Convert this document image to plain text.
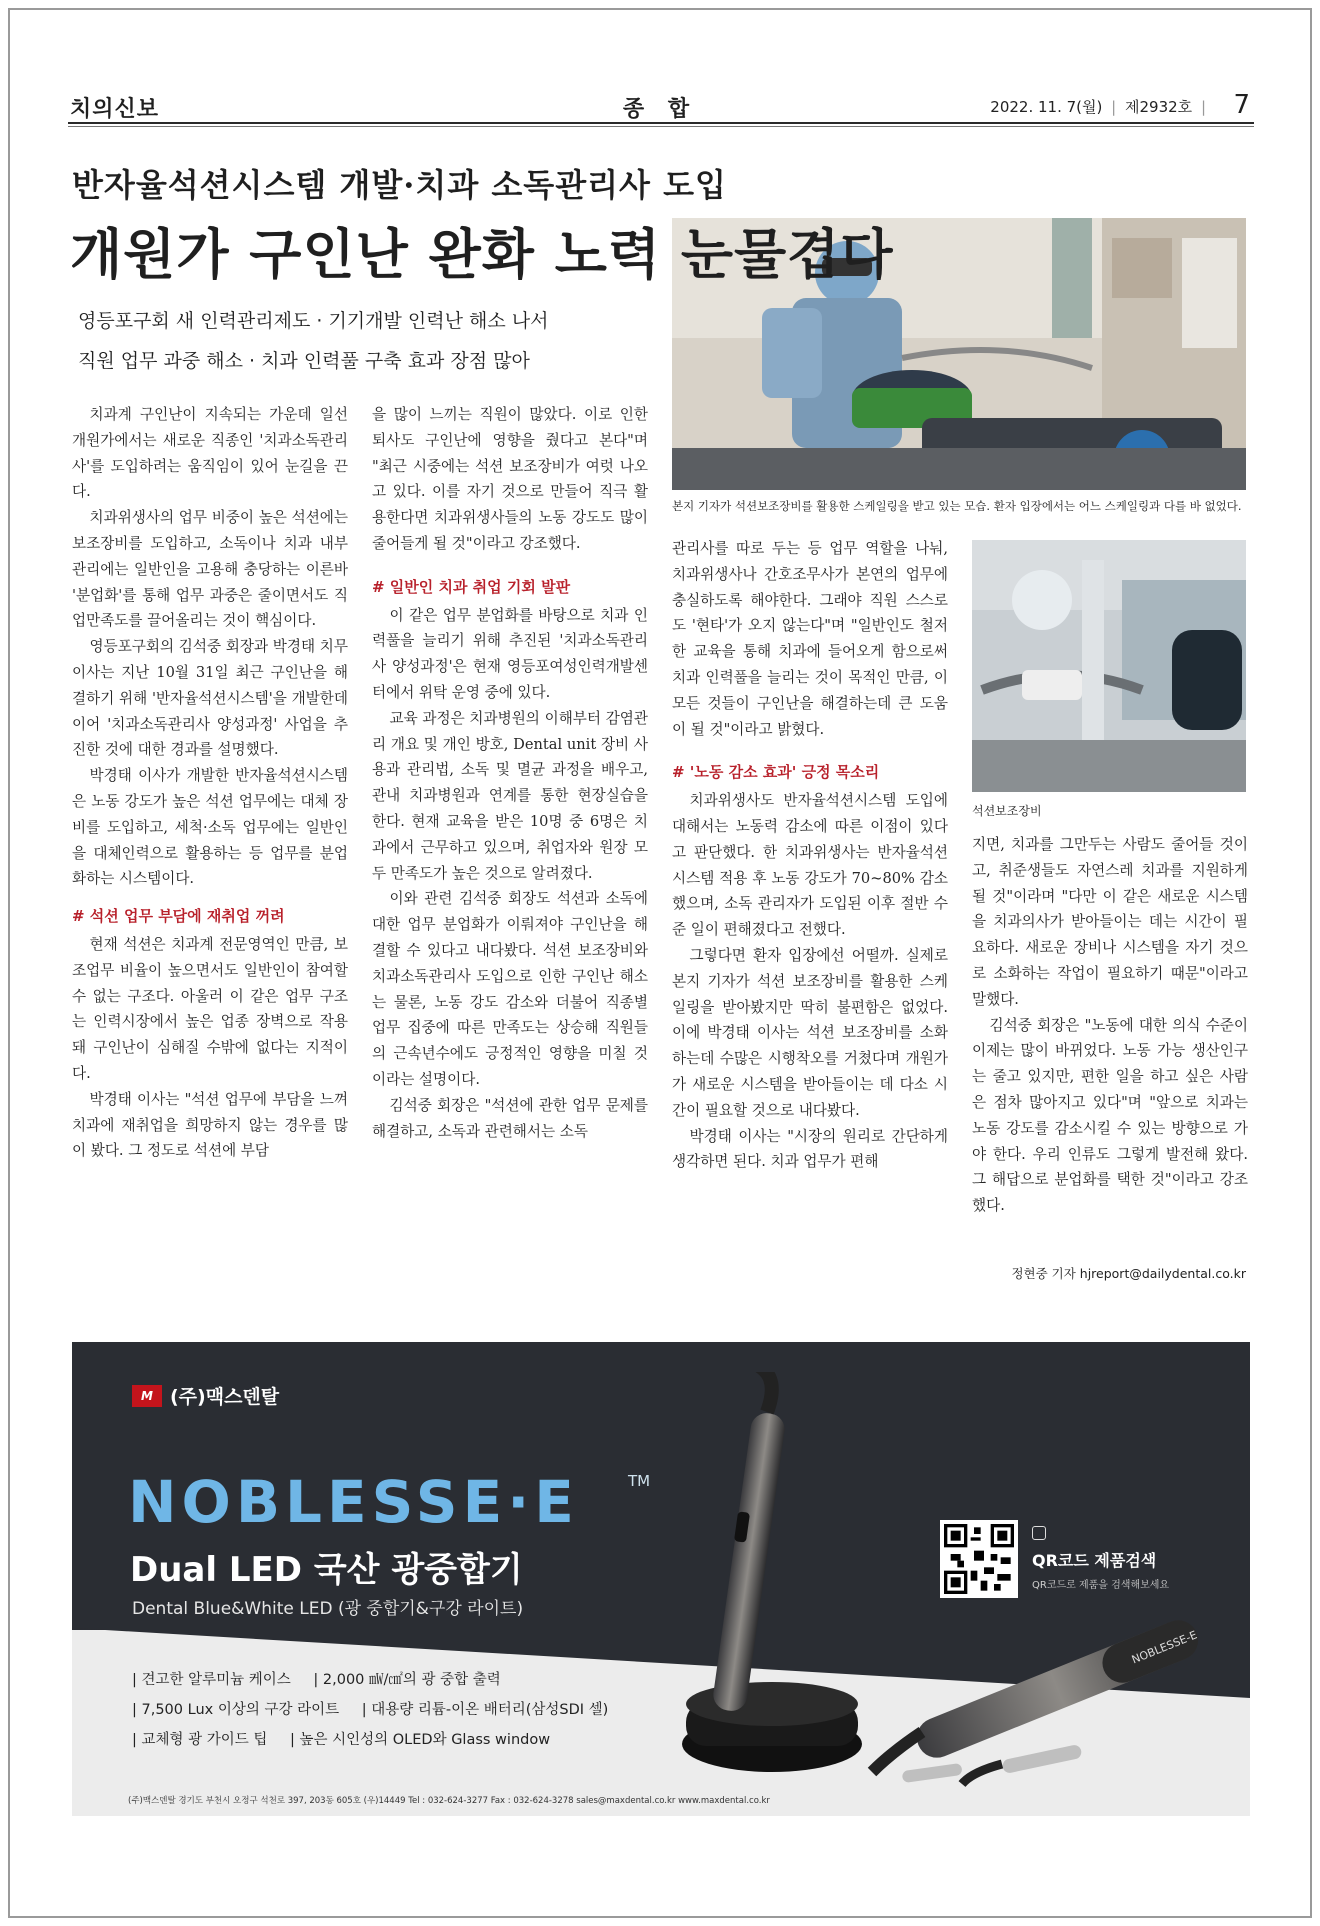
치의신보	종 합	2022. 11. 7(월) | 제2932호 | 7
반자율석션시스템 개발·치과 소독관리사 도입
개원가 구인난 완화 노력 눈물겹다
영등포구회 새 인력관리제도 · 기기개발 인력난 해소 나서
직원 업무 과중 해소 · 치과 인력풀 구축 효과 장점 많아
본지 기자가 석션보조장비를 활용한 스케일링을 받고 있는 모습. 환자 입장에서는 어느 스케일링과 다를 바 없었다.
석션보조장비

치과계 구인난이 지속되는 가운데 일선 개원가에서는 새로운 직종인 '치과소독관리사'를 도입하려는 움직임이 있어 눈길을 끈다.

치과위생사의 업무 비중이 높은 석션에는 보조장비를 도입하고, 소독이나 치과 내부 관리에는 일반인을 고용해 충당하는 이른바 '분업화'를 통해 업무 과중은 줄이면서도 직업만족도를 끌어올리는 것이 핵심이다.

영등포구회의 김석중 회장과 박경태 치무이사는 지난 10월 31일 최근 구인난을 해결하기 위해 '반자율석션시스템'을 개발한데 이어 '치과소독관리사 양성과정' 사업을 추진한 것에 대한 경과를 설명했다.

박경태 이사가 개발한 반자율석션시스템은 노동 강도가 높은 석션 업무에는 대체 장비를 도입하고, 세척·소독 업무에는 일반인을 대체인력으로 활용하는 등 업무를 분업화하는 시스템이다.

# 석션 업무 부담에 재취업 꺼려

현재 석션은 치과계 전문영역인 만큼, 보조업무 비율이 높으면서도 일반인이 참여할 수 없는 구조다. 아울러 이 같은 업무 구조는 인력시장에서 높은 업종 장벽으로 작용돼 구인난이 심해질 수밖에 없다는 지적이다.

박경태 이사는 "석션 업무에 부담을 느껴 치과에 재취업을 희망하지 않는 경우를 많이 봤다. 그 정도로 석션에 부담

을 많이 느끼는 직원이 많았다. 이로 인한 퇴사도 구인난에 영향을 줬다고 본다"며 "최근 시중에는 석션 보조장비가 여럿 나오고 있다. 이를 자기 것으로 만들어 직극 활용한다면 치과위생사들의 노동 강도도 많이 줄어들게 될 것"이라고 강조했다.

# 일반인 치과 취업 기회 발판

이 같은 업무 분업화를 바탕으로 치과 인력풀을 늘리기 위해 추진된 '치과소독관리사 양성과정'은 현재 영등포여성인력개발센터에서 위탁 운영 중에 있다.

교육 과정은 치과병원의 이해부터 감염관리 개요 및 개인 방호, Dental unit 장비 사용과 관리법, 소독 및 멸균 과정을 배우고, 관내 치과병원과 연계를 통한 현장실습을 한다. 현재 교육을 받은 10명 중 6명은 치과에서 근무하고 있으며, 취업자와 원장 모두 만족도가 높은 것으로 알려졌다.

이와 관련 김석중 회장도 석션과 소독에 대한 업무 분업화가 이뤄져야 구인난을 해결할 수 있다고 내다봤다. 석션 보조장비와 치과소독관리사 도입으로 인한 구인난 해소는 물론, 노동 강도 감소와 더불어 직종별 업무 집중에 따른 만족도는 상승해 직원들의 근속년수에도 긍정적인 영향을 미칠 것이라는 설명이다.

김석중 회장은 "석션에 관한 업무 문제를 해결하고, 소독과 관련해서는 소독

관리사를 따로 두는 등 업무 역할을 나눠, 치과위생사나 간호조무사가 본연의 업무에 충실하도록 해야한다. 그래야 직원 스스로도 '현타'가 오지 않는다"며 "일반인도 철저한 교육을 통해 치과에 들어오게 함으로써 치과 인력풀을 늘리는 것이 목적인 만큼, 이 모든 것들이 구인난을 해결하는데 큰 도움이 될 것"이라고 밝혔다.

# '노동 감소 효과' 긍정 목소리

치과위생사도 반자율석션시스템 도입에 대해서는 노동력 감소에 따른 이점이 있다고 판단했다. 한 치과위생사는 반자율석션시스템 적용 후 노동 강도가 70~80% 감소했으며, 소독 관리자가 도입된 이후 절반 수준 일이 편해졌다고 전했다.

그렇다면 환자 입장에선 어떨까. 실제로 본지 기자가 석션 보조장비를 활용한 스케일링을 받아봤지만 딱히 불편함은 없었다. 이에 박경태 이사는 석션 보조장비를 소화하는데 수많은 시행착오를 거쳤다며 개원가가 새로운 시스템을 받아들이는 데 다소 시간이 필요할 것으로 내다봤다.

박경태 이사는 "시장의 원리로 간단하게 생각하면 된다. 치과 업무가 편해

지면, 치과를 그만두는 사람도 줄어들 것이고, 취준생들도 자연스레 치과를 지원하게 될 것"이라며 "다만 이 같은 새로운 시스템을 치과의사가 받아들이는 데는 시간이 필요하다. 새로운 장비나 시스템을 자기 것으로 소화하는 작업이 필요하기 때문"이라고 말했다.

김석중 회장은 "노동에 대한 의식 수준이 이제는 많이 바뀌었다. 노동 가능 생산인구는 줄고 있지만, 편한 일을 하고 싶은 사람은 점차 많아지고 있다"며 "앞으로 치과는 노동 강도를 감소시킬 수 있는 방향으로 가야 한다. 우리 인류도 그렇게 발전해 왔다. 그 해답으로 분업화를 택한 것"이라고 강조했다.

정현중 기자 hjreport@dailydental.co.kr
M (주)맥스덴탈
NOBLESSE·E	TM
Dual LED 국산 광중합기
Dental Blue&White LED (광 중합기&구강 라이트)
QR코드 제품검색
QR코드로 제품을 검색해보세요
NOBLESSE-E
| 견고한 알루미늄 케이스 | 2,000 ㎽/㎠의 광 중합 출력
| 7,500 Lux 이상의 구강 라이트 | 대용량 리튬-이온 배터리(삼성SDI 셀)
| 교체형 광 가이드 팁 | 높은 시인성의 OLED와 Glass window
(주)맥스덴탈 경기도 부천시 오정구 석천로 397, 203동 605호 (우)14449 Tel : 032-624-3277 Fax : 032-624-3278 sales@maxdental.co.kr www.maxdental.co.kr
